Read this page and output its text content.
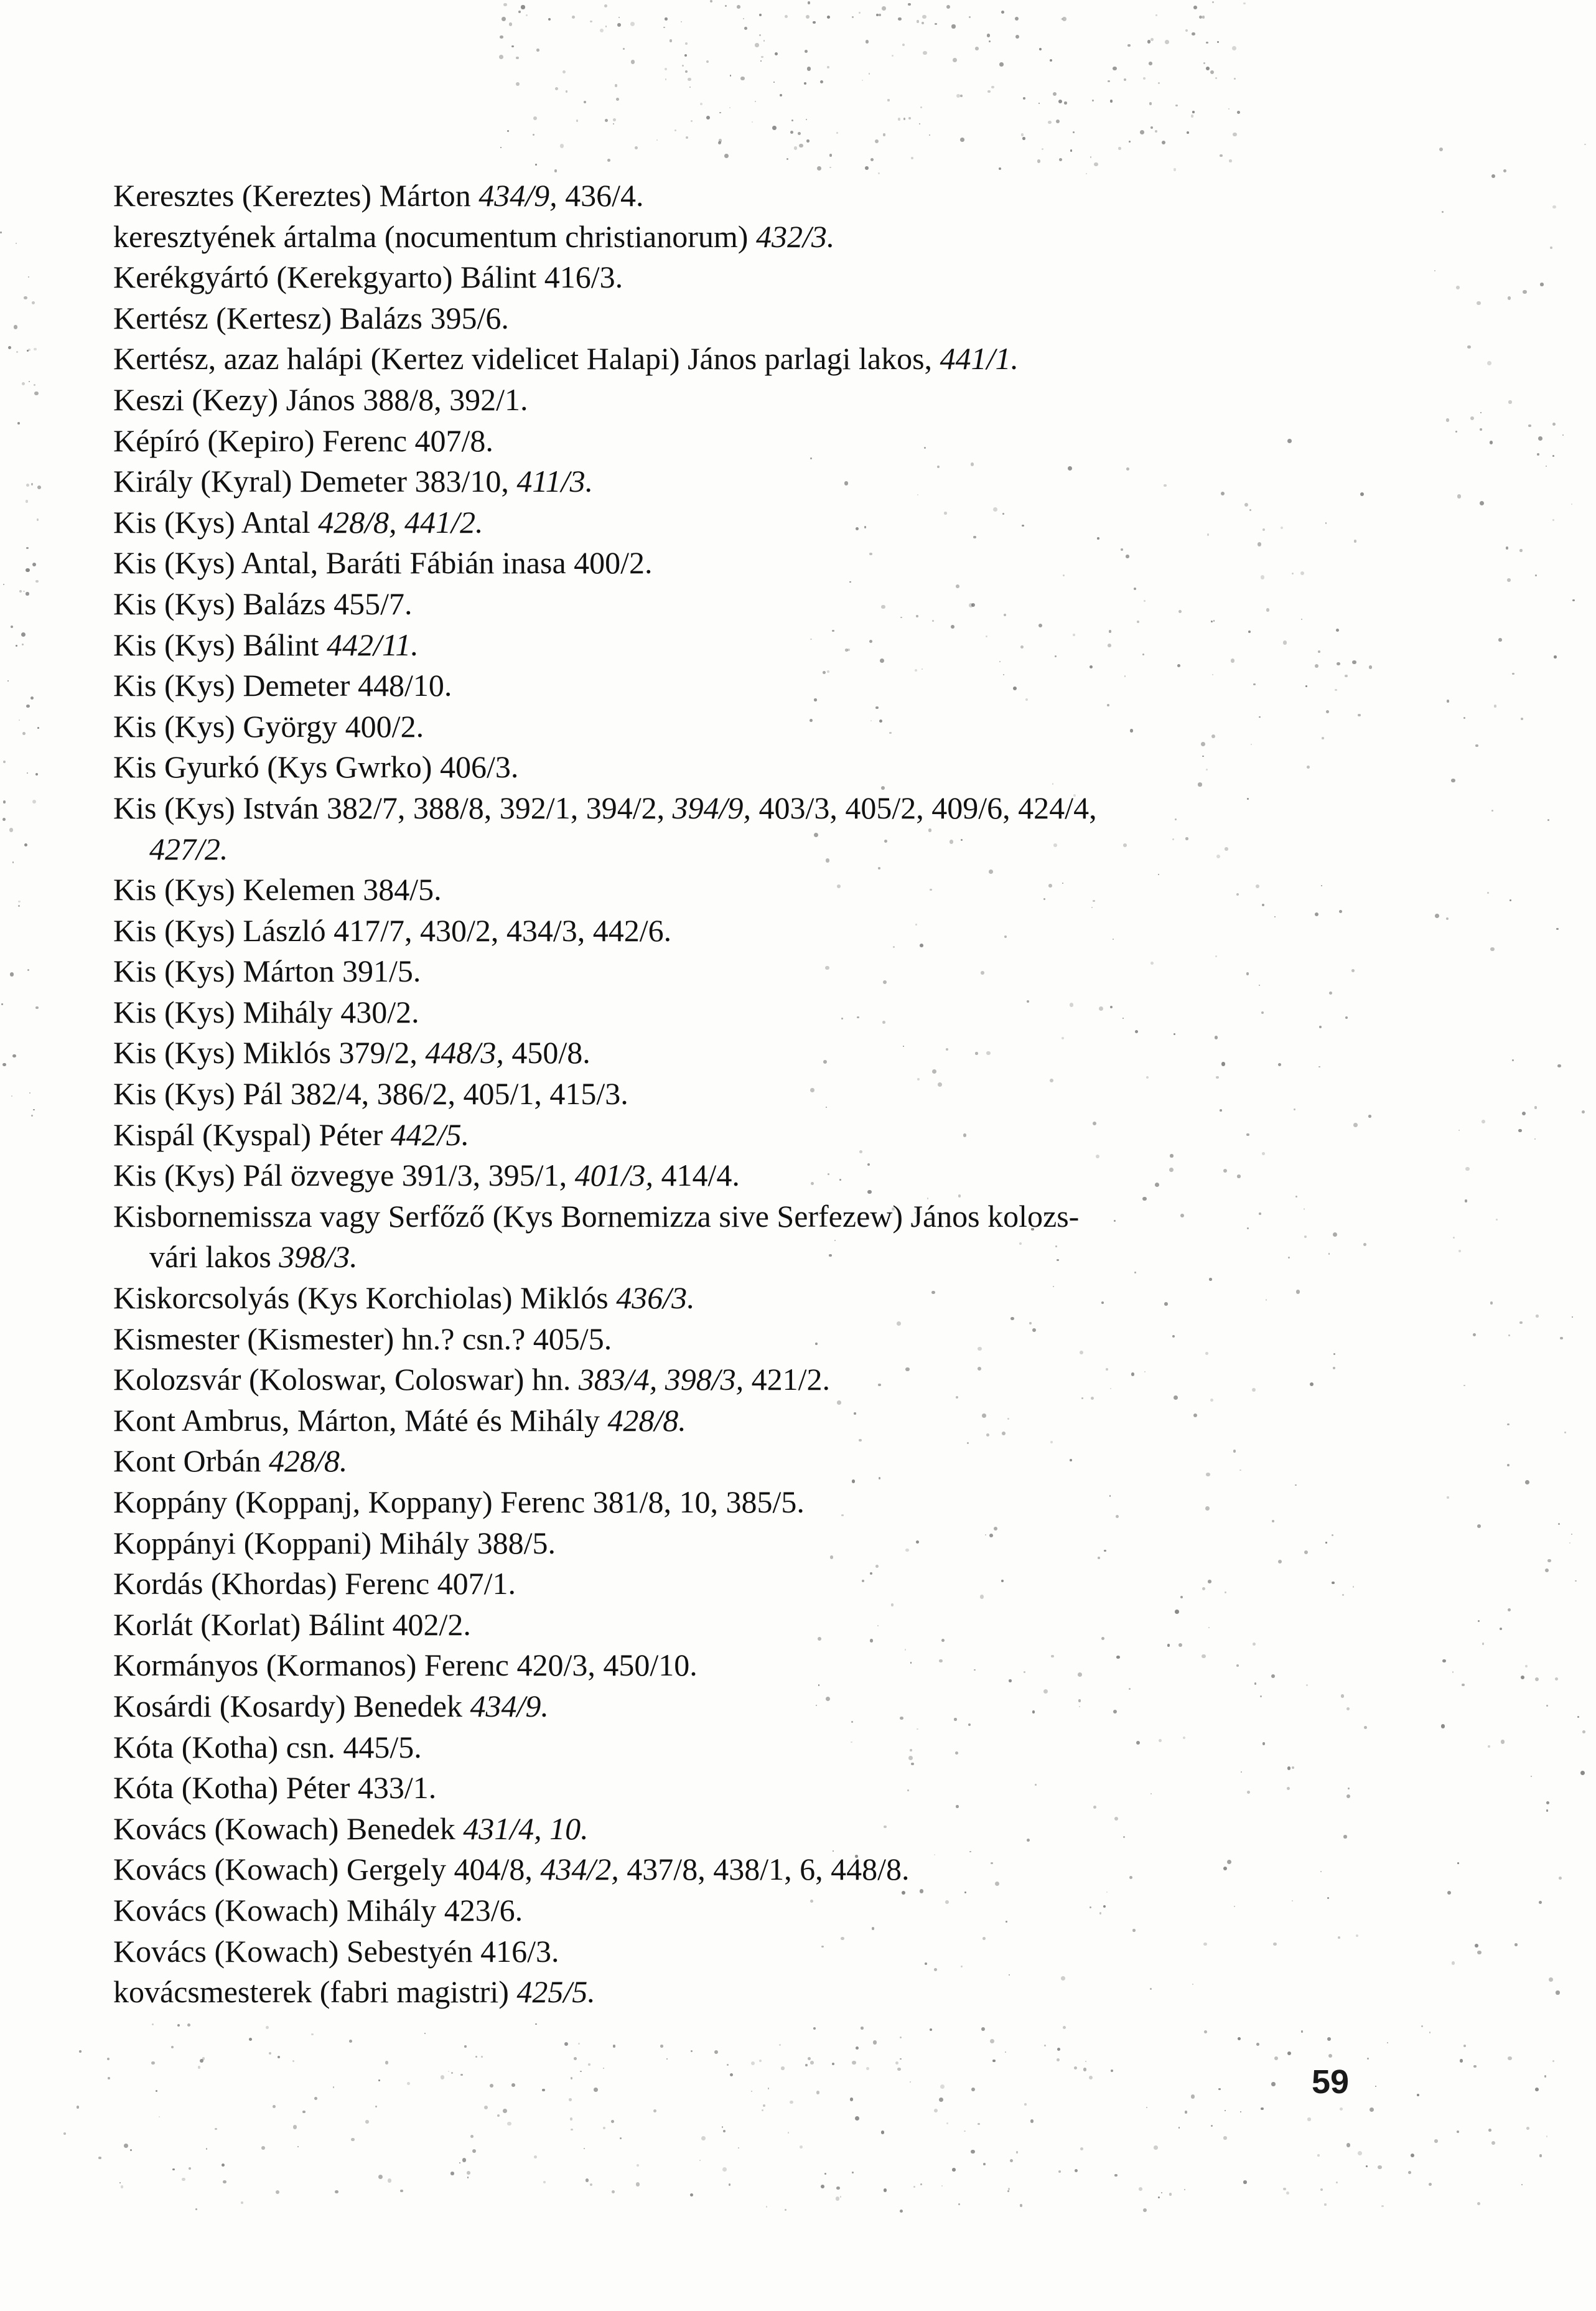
Keresztes (Kereztes) Márton 434/9, 436/4.
keresztyének ártalma (nocumentum christianorum) 432/3.
Kerékgyártó (Kerekgyarto) Bálint 416/3.
Kertész (Kertesz) Balázs 395/6.
Kertész, azaz halápi (Kertez videlicet Halapi) János parlagi lakos, 441/1.
Keszi (Kezy) János 388/8, 392/1.
Képíró (Kepiro) Ferenc 407/8.
Király (Kyral) Demeter 383/10, 411/3.
Kis (Kys) Antal 428/8, 441/2.
Kis (Kys) Antal, Baráti Fábián inasa 400/2.
Kis (Kys) Balázs 455/7.
Kis (Kys) Bálint 442/11.
Kis (Kys) Demeter 448/10.
Kis (Kys) György 400/2.
Kis Gyurkó (Kys Gwrko) 406/3.
Kis (Kys) István 382/7, 388/8, 392/1, 394/2, 394/9, 403/3, 405/2, 409/6, 424/4,
427/2.
Kis (Kys) Kelemen 384/5.
Kis (Kys) László 417/7, 430/2, 434/3, 442/6.
Kis (Kys) Márton 391/5.
Kis (Kys) Mihály 430/2.
Kis (Kys) Miklós 379/2, 448/3, 450/8.
Kis (Kys) Pál 382/4, 386/2, 405/1, 415/3.
Kispál (Kyspal) Péter 442/5.
Kis (Kys) Pál özvegye 391/3, 395/1, 401/3, 414/4.
Kisbornemissza vagy Serfőző (Kys Bornemizza sive Serfezew) János kolozs-
vári lakos 398/3.
Kiskorcsolyás (Kys Korchiolas) Miklós 436/3.
Kismester (Kismester) hn.? csn.? 405/5.
Kolozsvár (Koloswar, Coloswar) hn. 383/4, 398/3, 421/2.
Kont Ambrus, Márton, Máté és Mihály 428/8.
Kont Orbán 428/8.
Koppány (Koppanj, Koppany) Ferenc 381/8, 10, 385/5.
Koppányi (Koppani) Mihály 388/5.
Kordás (Khordas) Ferenc 407/1.
Korlát (Korlat) Bálint 402/2.
Kormányos (Kormanos) Ferenc 420/3, 450/10.
Kosárdi (Kosardy) Benedek 434/9.
Kóta (Kotha) csn. 445/5.
Kóta (Kotha) Péter 433/1.
Kovács (Kowach) Benedek 431/4, 10.
Kovács (Kowach) Gergely 404/8, 434/2, 437/8, 438/1, 6, 448/8.
Kovács (Kowach) Mihály 423/6.
Kovács (Kowach) Sebestyén 416/3.
kovácsmesterek (fabri magistri) 425/5.
59
